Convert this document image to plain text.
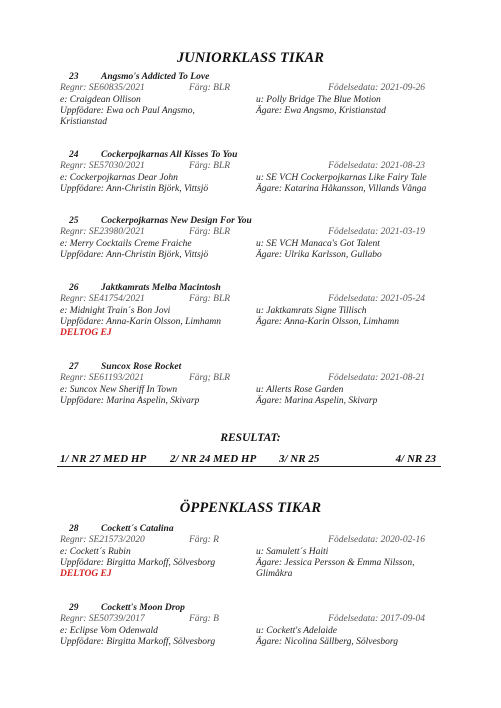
JUNIORKLASS TIKAR
23 Angsmo's Addicted To Love
Regnr: SE60835/2021	Färg: BLR	Födelsedata: 2021-09-26
e: Craigdean Ollison	u: Polly Bridge The Blue Motion
Uppfödare: Ewa och Paul Angsmo,	Ägare: Ewa Angsmo, Kristianstad
Kristianstad
24 Cockerpojkarnas All Kisses To You
Regnr: SE57030/2021	Färg: BLR	Födelsedata: 2021-08-23
e: Cockerpojkarnas Dear John	u: SE VCH Cockerpojkarnas Like Fairy Tale
Uppfödare: Ann-Christin Björk, Vittsjö	Ägare: Katarina Håkansson, Villands Vånga
25 Cockerpojkarnas New Design For You
Regnr: SE23980/2021	Färg: BLR	Födelsedata: 2021-03-19
e: Merry Cocktails Creme Fraiche	u: SE VCH Manaca's Got Talent
Uppfödare: Ann-Christin Björk, Vittsjö	Ägare: Ulrika Karlsson, Gullabo
26 Jaktkamrats Melba Macintosh
Regnr: SE41754/2021	Färg: BLR	Födelsedata: 2021-05-24
e: Midnight Train´s Bon Jovi	u: Jaktkamrats Signe Tillisch
Uppfödare: Anna-Karin Olsson, Limhamn	Ägare: Anna-Karin Olsson, Limhamn
DELTOG EJ
27 Suncox Rose Rocket
Regnr: SE61193/2021	Färg; BLR	Födelsedata: 2021-08-21
e: Suncox New Sheriff In Town	u: Allerts Rose Garden
Uppfödare: Marina Aspelin, Skivarp	Ägare: Marina Aspelin, Skivarp
RESULTAT:
1/ NR 27 MED HP 2/ NR 24 MED HP 3/ NR 25	4/ NR 23
ÖPPENKLASS TIKAR
28 Cockett´s Catalina
Regnr: SE21573/2020	Färg: R	Födelsedata: 2020-02-16
e: Cockett´s Rubin	u: Samulett´s Haiti
Uppfödare: Birgitta Markoff, Sölvesborg	Ägare: Jessica Persson & Emma Nilsson,
DELTOG EJ	Glimåkra
29 Cockett's Moon Drop
Regnr: SE50739/2017	Färg: B	Födelsedata: 2017-09-04
e: Eclipse Vom Odenwald	u: Cockett's Adelaide
Uppfödare: Birgitta Markoff, Sölvesborg	Ägare: Nicolina Sällberg, Sölvesborg
